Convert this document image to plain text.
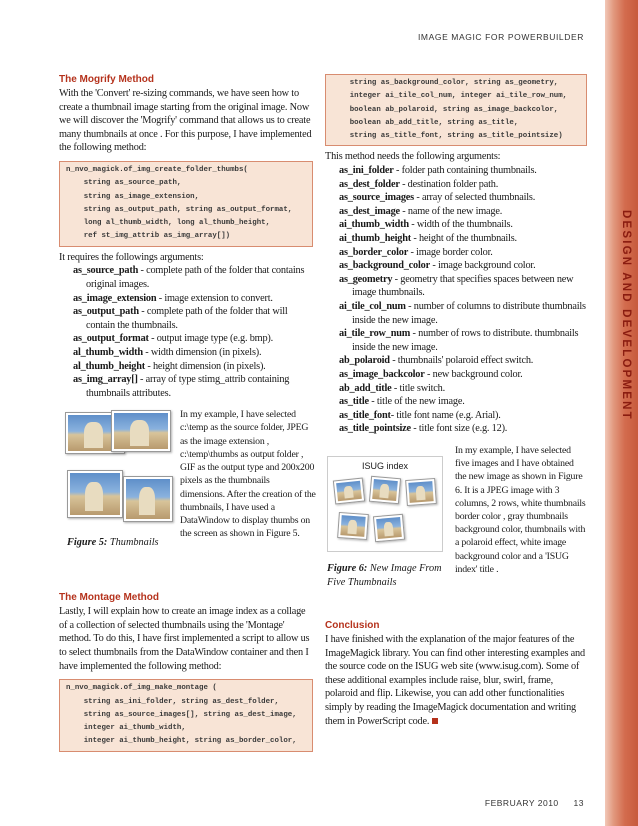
IMAGE MAGIC FOR POWERBUILDER
DESIGN AND DEVELOPMENT
The Mogrify Method

With the 'Convert' re-sizing commands, we have seen how to create a thumbnail image starting from the original image. Now we will discover the 'Mogrify' command that allows us to create many thumbnails at once . For this purpose, I have implemented the following method:

n_nvo_magick.of_img_create_folder_thumbs(
string as_source_path,
string as_image_extension,
string as_output_path, string as_output_format,
long al_thumb_width, long al_thumb_height,
ref st_img_attrib as_img_array[])

It requires the followings arguments:

as_source_path - complete path of the folder that contains original images.
as_image_extension - image extension to convert.
as_output_path - complete path of the folder that will contain the thumbnails.
as_output_format - output image type (e.g. bmp).
al_thumb_width - width dimension (in pixels).
al_thumb_height - height dimension (in pixels).
as_img_array[] - array of type stimg_attrib containing thumbnails attributes.
Figure 5: Thumbnails

In my example, I have selected c:\temp as the source folder, JPEG as the image extension , c:\temp\thumbs as output folder , GIF as the output type and 200x200 pixels as the thumbnails dimensions. After the creation of the thumbnails, I have used a DataWindow to display thumbs on the screen as shown in Figure 5.

The Montage Method

Lastly, I will explain how to create an image index as a collage of a collection of selected thumbnails using the 'Montage' method. To do this, I have first implemented a script to allow us to select thumbnails from the DataWindow container and then I have implemented the following method:

n_nvo_magick.of_img_make_montage (
string as_ini_folder, string as_dest_folder,
string as_source_images[], string as_dest_image,
integer ai_thumb_width,
integer ai_thumb_height, string as_border_color,
string as_background_color, string as_geometry,
integer ai_tile_col_num, integer ai_tile_row_num,
boolean ab_polaroid, string as_image_backcolor,
boolean ab_add_title, string as_title,
string as_title_font, string as_title_pointsize)

This method needs the following arguments:

as_ini_folder - folder path containing thumbnails.
as_dest_folder - destination folder path.
as_source_images - array of selected thumbnails.
as_dest_image - name of the new image.
ai_thumb_width - width of the thumbnails.
ai_thumb_height - height of the thumbnails.
as_border_color - image border color.
as_background_color - image background color.
as_geometry - geometry that specifies spaces between new image thumbnails.
ai_tile_col_num - number of columns to distribute thumbnails inside the new image.
ai_tile_row_num - number of rows to distribute. thumbnails inside the new image.
ab_polaroid - thumbnails' polaroid effect switch.
as_image_backcolor - new background color.
ab_add_title - title switch.
as_title - title of the new image.
as_title_font- title font name (e.g. Arial).
as_title_pointsize - title font size (e.g. 12).
ISUG index
Figure 6: New Image From Five Thumbnails

In my example, I have selected five images and I have obtained the new image as shown in Figure 6. It is a JPEG image with 3 columns, 2 rows, white thumbnails border color , gray thumbnails background color, thumbnails with a polaroid effect, white image background color and a 'ISUG index' title .

Conclusion

I have finished with the explanation of the major features of the ImageMagick library. You can find other interesting examples and the source code on the ISUG web site (www.isug.com). Some of these additional examples include raise, blur, swirl, frame, polaroid and flip. Likewise, you can add other functionalities simply by reading the ImageMagick documentation and writing them in PowerScript code.

FEBRUARY 2010 13
